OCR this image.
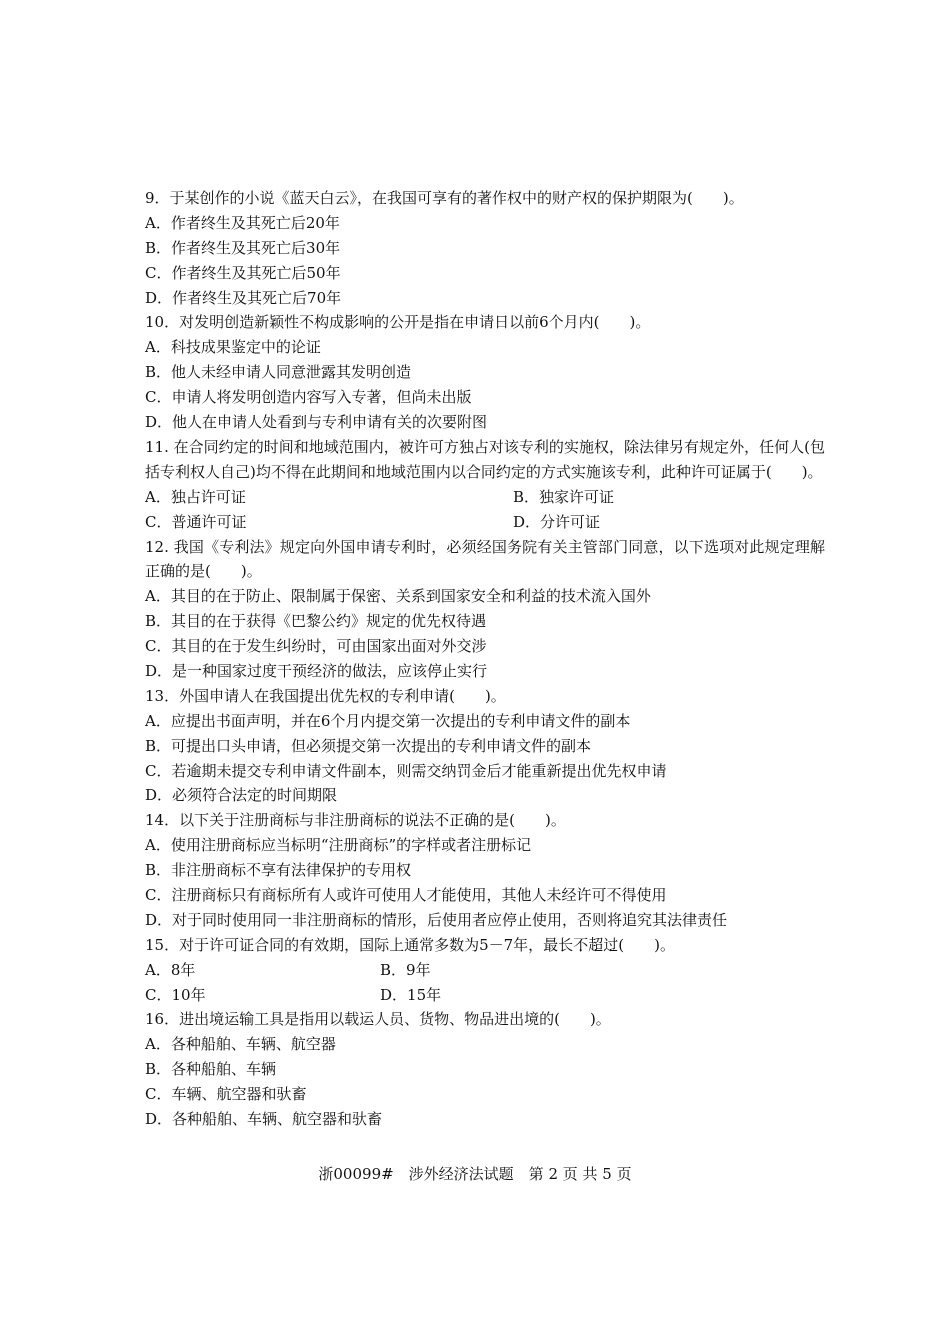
9．于某创作的小说《蓝天白云》，在我国可享有的著作权中的财产权的保护期限为(　　)。
A．作者终生及其死亡后20年
B．作者终生及其死亡后30年
C．作者终生及其死亡后50年
D．作者终生及其死亡后70年
10．对发明创造新颖性不构成影响的公开是指在申请日以前6个月内(　　)。
A．科技成果鉴定中的论证
B．他人未经申请人同意泄露其发明创造
C．申请人将发明创造内容写入专著，但尚未出版
D．他人在申请人处看到与专利申请有关的次要附图
11. 在合同约定的时间和地域范围内，被许可方独占对该专利的实施权，除法律另有规定外，任何人(包括专利权人自己)均不得在此期间和地域范围内以合同约定的方式实施该专利，此种许可证属于(　　)。
A．独占许可证	B．独家许可证
C．普通许可证	D．分许可证
12. 我国《专利法》规定向外国申请专利时，必须经国务院有关主管部门同意，以下选项对此规定理解正确的是(　　)。
A．其目的在于防止、限制属于保密、关系到国家安全和利益的技术流入国外
B．其目的在于获得《巴黎公约》规定的优先权待遇
C．其目的在于发生纠纷时，可由国家出面对外交涉
D．是一种国家过度干预经济的做法，应该停止实行
13．外国申请人在我国提出优先权的专利申请(　　)。
A．应提出书面声明，并在6个月内提交第一次提出的专利申请文件的副本
B．可提出口头申请，但必须提交第一次提出的专利申请文件的副本
C．若逾期未提交专利申请文件副本，则需交纳罚金后才能重新提出优先权申请
D．必须符合法定的时间期限
14．以下关于注册商标与非注册商标的说法不正确的是(　　)。
A．使用注册商标应当标明“注册商标”的字样或者注册标记
B．非注册商标不享有法律保护的专用权
C．注册商标只有商标所有人或许可使用人才能使用，其他人未经许可不得使用
D．对于同时使用同一非注册商标的情形，后使用者应停止使用，否则将追究其法律责任
15．对于许可证合同的有效期，国际上通常多数为5－7年，最长不超过(　　)。
A．8年	B．9年
C．10年	D．15年
16．进出境运输工具是指用以载运人员、货物、物品进出境的(　　)。
A．各种船舶、车辆、航空器
B．各种船舶、车辆
C．车辆、航空器和驮畜
D．各种船舶、车辆、航空器和驮畜
浙00099#　涉外经济法试题　第 2 页 共 5 页
